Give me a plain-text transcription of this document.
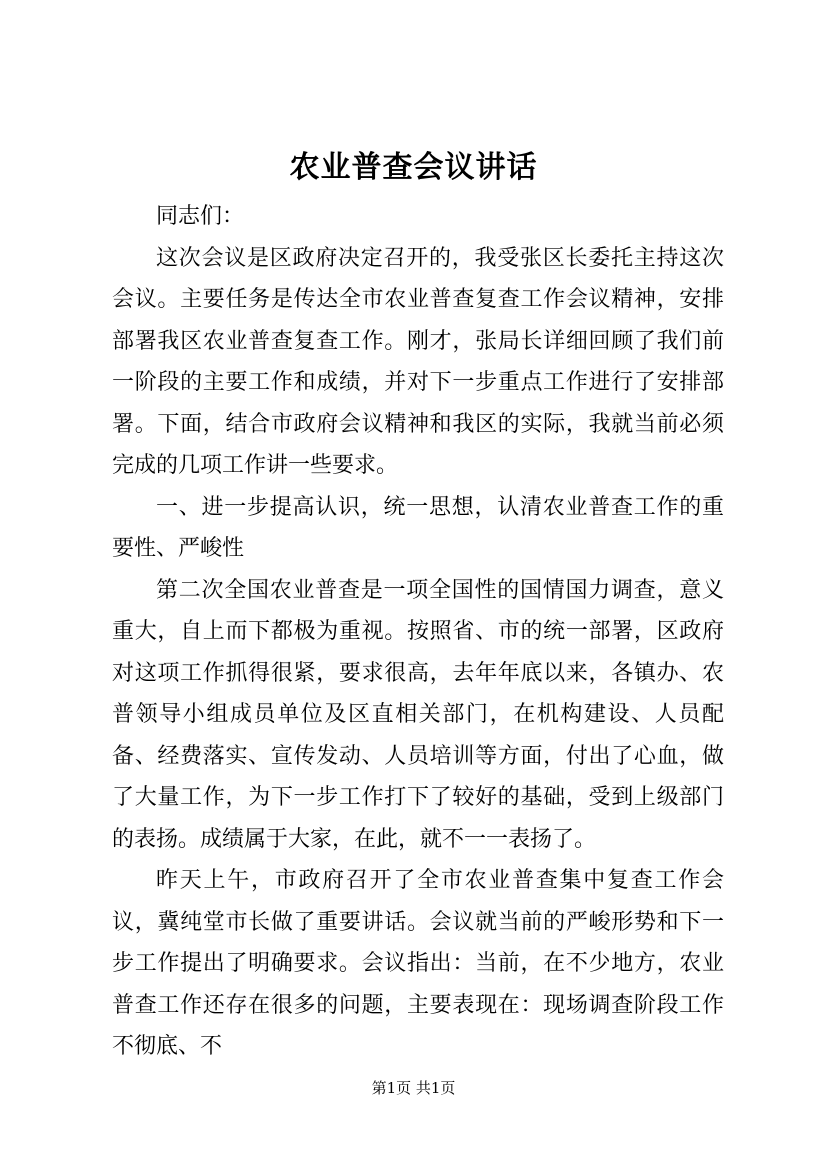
农业普查会议讲话

同志们：

这次会议是区政府决定召开的，我受张区长委托主持这次会议。主要任务是传达全市农业普查复查工作会议精神，安排部署我区农业普查复查工作。刚才，张局长详细回顾了我们前一阶段的主要工作和成绩，并对下一步重点工作进行了安排部署。下面，结合市政府会议精神和我区的实际，我就当前必须完成的几项工作讲一些要求。

一、进一步提高认识，统一思想，认清农业普查工作的重要性、严峻性

第二次全国农业普查是一项全国性的国情国力调查，意义重大，自上而下都极为重视。按照省、市的统一部署，区政府对这项工作抓得很紧，要求很高，去年年底以来，各镇办、农普领导小组成员单位及区直相关部门，在机构建设、人员配备、经费落实、宣传发动、人员培训等方面，付出了心血，做了大量工作，为下一步工作打下了较好的基础，受到上级部门的表扬。成绩属于大家，在此，就不一一表扬了。

昨天上午，市政府召开了全市农业普查集中复查工作会议，冀纯堂市长做了重要讲话。会议就当前的严峻形势和下一步工作提出了明确要求。会议指出：当前，在不少地方，农业普查工作还存在很多的问题，主要表现在：现场调查阶段工作不彻底、不

第1页 共1页
